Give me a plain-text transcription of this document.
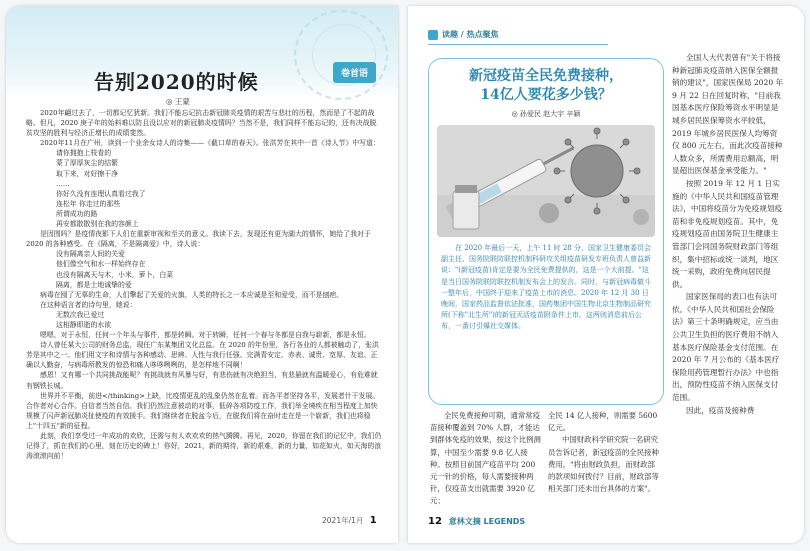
卷首语
告别2020的时候
◎ 王蒙

2020年翩过去了，一切都记忆犹新。我们不能忘记抗击新冠肺炎疫情的艰苦与悲壮的历程，然而是了不起的战略。但凡，2020 庚子年的始料难以防且没以应对的新冠肺炎疫情吗？当然不是，我们同样不能忘记的，还有决战脱贫攻坚的胜利与经济正增长的成绩斐然。

2020年11月在广州，读到一个业余女诗人的诗集——《截口草的春天》。张洪芳在其中一首《诗人节》中写道：

请你拥抱上枝看的

蒙了厚厚灰尘的结繁

取下来，对好擦干净

……

你好久没有连理认真看过我了

连松年 你走过的那些

所谓成功的路

再安都散散别在我的容颜上

是因围吗？是疫情夜影下人们在重新审视和至关的意义。我读下去，发现还有更为湖大的情怀，她给了我对于 2020 的各种感受。在《隔离，不是隔离爱》中，诗人说：

没有隔离亲人间的关爱

他们像空气和水一样始终存在

也没有隔离天与木，小米，萝卜，白菜

隔离，都是土地诚挚的爱

病毒在囤了无辜的生命，人们擎起了关爱的火旗，人类的特长之一本应诚是至和爱受，而不是刨疤。

在这种语言者的诗句里，她说：

无数次我已爱过

这相静即逝的水欲

嗯嗯，对于永恒，任何一个年头与事件，都是转瞬。对于转瞬，任何一个春与冬都是自我与崭新，都是永恒。

诗人曾任某大公司的财务总监，现任广东某集团文化总监。在 2020 的年份里，各行各业的人都被触动了，张洪芳是其中之一。他们用文字和诗情与各种感动、思辨、人性与我行任强、完满青安定、赤表、诚贵、宽厚、友谊、正确以人勤奋，与病毒所教发的惊恐和痛人哆哆咧咧的，是怎样地不同啊！

感恩！又有哪一个共同挑战能呢？有挑战就有风暴与好，有悲伤就有决绝担当，有悲悬就有温暖爱心，有危难就有钢铁长城。

世界并不平衡，前进</thinking>上缺，比疫情更乱的乱象仍然在乱着。而各平者坚持各平，发展者什干发展。合作者对心合作。自信者当然自信。我们仍然注意被动的对事，低碎各项防疫工作，我们举全境疾在相当程度上加快规模了闪声新冠肺炎扯使疫的有效援手。我们继续者在脱盆今后，在脱我们将在奋时走在是一个崭新，我们也将稳上"十四五"新的征程。

此刻，我们享受过一年成功的欢欣，还需与有人欢欢欢的热气腾腾。再见，2020，你留在我们的记忆中，我们仍记得了，抓在我们的心里，刻在历史的碑上！你好，2021，新的期待，新的艰难，新的力量，如花如火，如天海的浪涛滚滚向前！

2021年/1月 1
读趣 / 热点聚焦
新冠疫苗全民免费接种，
14亿人要花多少钱？
◎ 孙爱民 赵大宇 辛颖

在 2020 年最后一天，上午 11 时 28 分，国家卫生健康委员会副主任、国务院联防联控机制科研攻关组疫苗研发专班负责人曾益新说："(新冠疫苗)肯定是要为全民免费提供的，这是一个大前提。"这是当日国务院联防联控机制发布会上的发言。同时，与新冠病毒做斗一整年后，中国终于迎来了疫苗上市的消息。2020 年 12 月 30 日晚间，国家药品监督依法批准，国药集团中国生物北京生物制品研究所(下称"北生所")的新冠灭活疫苗附条件上市。这两则消息前后公布，一番讨引爆社交媒体。

全民免费接种可期，通常常疫苗接种覆盖到 70% 人群，才能达到群体免疫的效果，按这个比例测算，中国至少需要 9.8 亿人接种。按照目前国产疫苗平均 200 元一针的价格，每人需要接种两针，仅疫苗支出就需要 3920 亿元；

全民 14 亿人接种，则需要 5600 亿元。

中国财政科学研究院一名研究员告诉记者，新冠疫苗的全民接种费用，"将由财政负担，而财政部的款项如何拨付？目前，财政部等相关部门还未出台具体的方案"。

全国人大代表曾有"关于将接种新冠肺炎疫苗纳入医保全额报销的建议"，国家医保局 2020 年 9 月 22 日在回复时称，"目前我国基本医疗保险筹资水平明显是城乡居民医保筹资水平较低，2019 年城乡居民医保人均筹资仅 800 元左右，而此次疫苗接种人数众多，所需费用总额高，明显超出医保基金承受能力。"

按照 2019 年 12 月 1 日实施的《中华人民共和国疫苗管理法》，中国将疫苗分为免疫规划疫苗和非免疫规划疫苗。其中，免疫规划疫苗由国务院卫生健康主管部门会同国务院财政部门等组织，集中招标或统一谈判，地区统一采购，政府免费向居民提供。

国家医保局的表口也有法可依。《中华人民共和国社会保险法》第三十条明确规定，应当由公共卫生负担的医疗费用不纳入基本医疗保险基金支付范围。在 2020 年 7 月公布的《基本医疗保险用药管理暂行办法》中也指出，预防性疫苗不纳入医保支付范围。

因此，疫苗及接种费

12 意林文摘 LEGENDS
